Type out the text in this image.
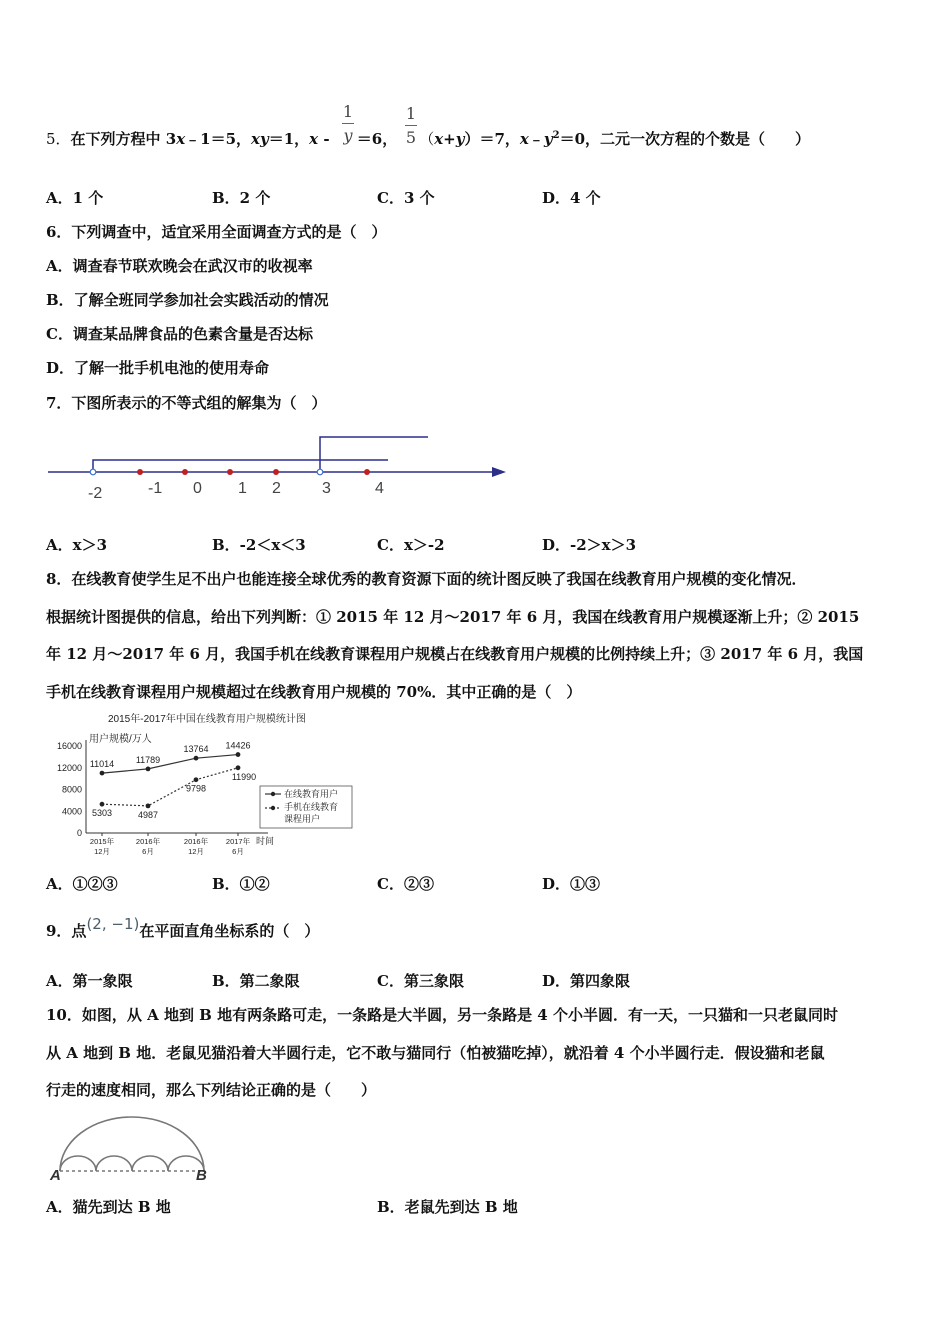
5．在下列方程中 3x﹣1＝5，xy＝1，x - ＝6， （x+y）＝7，$x﹣y^2=0$，二元一次方程的个数是（　　）
1
y
1
5
A．1 个	B．2 个	C．3 个	D．4 个
6．下列调查中，适宜采用全面调查方式的是（　）
A．调查春节联欢晚会在武汉市的收视率
B．了解全班同学参加社会实践活动的情况
C．调查某品牌食品的色素含量是否达标
D．了解一批手机电池的使用寿命
7．下图所表示的不等式组的解集为（　）
-2	-1 0 1 2	3	4
A．x＞3	B．-2＜x＜3	C．x＞-2	D．-2＞x＞3
8．在线教育使学生足不出户也能连接全球优秀的教育资源下面的统计图反映了我国在线教育用户规模的变化情况．
根据统计图提供的信息，给出下列判断：① 2015 年 12 月～2017 年 6 月，我国在线教育用户规模逐渐上升；② 2015
年 12 月～2017 年 6 月，我国手机在线教育课程用户规模占在线教育用户规模的比例持续上升；③ 2017 年 6 月，我国
手机在线教育课程用户规模超过在线教育用户规模的 70%．其中正确的是（　）
2015年-2017年中国在线教育用户规模统计图
用户规模/万人
0
4000
8000
12000
16000
2015年
12月
2016年
6月
2016年
12月
2017年
6月
时间
11014 11789
13764 14426
5303	4987
9798
11990
在线教育用户
手机在线教育
课程用户
A．①②③	B．①②	C．②③	D．①③
9．点(2, −1)在平面直角坐标系的（　）
A．第一象限	B．第二象限	C．第三象限	D．第四象限
10．如图，从 A 地到 B 地有两条路可走，一条路是大半圆，另一条路是 4 个小半圆．有一天，一只猫和一只老鼠同时
从 A 地到 B 地．老鼠见猫沿着大半圆行走，它不敢与猫同行（怕被猫吃掉），就沿着 4 个小半圆行走．假设猫和老鼠
行走的速度相同，那么下列结论正确的是（　　）
A	B
A．猫先到达 B 地	B．老鼠先到达 B 地
